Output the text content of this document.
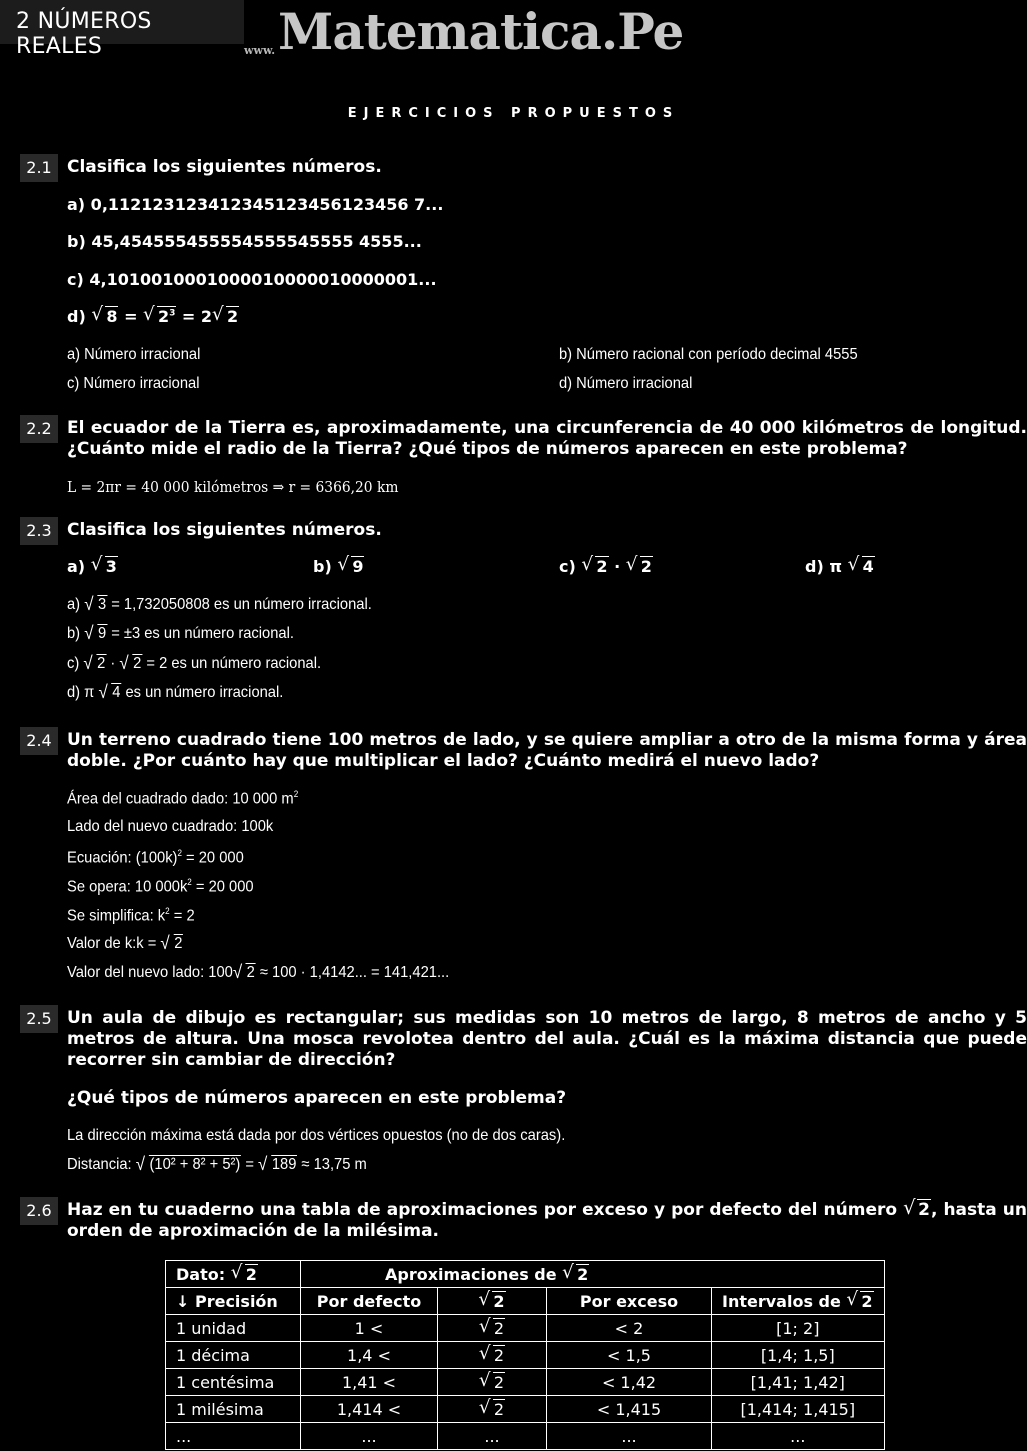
2 NÚMEROS REALES	www. Matematica.Pe
EJERCICIOS PROPUESTOS
2.1 Clasifica los siguientes números.
a) 0,112123123412345123456123456 7...
b) 45,454555455554555545555 4555...
c) 4,1010010001000010000010000001...
d) √ 8 = √ $2^3 = 2$ √ 2
a) Número irracional	b) Número racional con período decimal 4555
c) Número irracional	d) Número irracional
2.2 El ecuador de la Tierra es, aproximadamente, una circunferencia de 40 000 kilómetros de longitud. ¿Cuánto mide el radio de la Tierra? ¿Qué tipos de números aparecen en este problema?
L = 2πr = 40 000 kilómetros ⇒ r = 6366,20 km
2.3 Clasifica los siguientes números.
a) √ 3	b) √ 9	c) √ 2 · √ 2	d) π √ 4
a) √ 3 = 1,732050808 es un número irracional.
b) √ 9 = ±3 es un número racional.
c) √ 2 · √ 2 = 2 es un número racional.
d) π √ 4 es un número irracional.
2.4 Un terreno cuadrado tiene 100 metros de lado, y se quiere ampliar a otro de la misma forma y área doble. ¿Por cuánto hay que multiplicar el lado? ¿Cuánto medirá el nuevo lado?
Área del cuadrado dado: 10 000 $m^2$
Lado del nuevo cuadrado: 100k
Ecuación: $(100k)^2 = 20$ 000
Se opera: 10 $000k^2 = 20$ 000
Se simplifica: $k^2 = 2$
Valor de k:k = √ 2
Valor del nuevo lado: 100 √ 2 ≈ 100 · 1,4142... = 141,421...
2.5 Un aula de dibujo es rectangular; sus medidas son 10 metros de largo, 8 metros de ancho y 5 metros de altura. Una mosca revolotea dentro del aula. ¿Cuál es la máxima distancia que puede recorrer sin cambiar de dirección?
¿Qué tipos de números aparecen en este problema?
La dirección máxima está dada por dos vértices opuestos (no de dos caras).
Distancia: √ (10² + 8² + 5²) = √ 189 ≈ 13,75 m
2.6 Haz en tu cuaderno una tabla de aproximaciones por exceso y por defecto del número √ 2, hasta un orden de aproximación de la milésima.
Dato: √ 2	Aproximaciones de √ 2
↓ Precisión	Por defecto	√ 2	Por exceso	Intervalos de √ 2
1 unidad	1 <	√ 2	< 2	[1; 2]
1 décima	1,4 <	√ 2	< 1,5	[1,4; 1,5]
1 centésima	1,41 <	√ 2	< 1,42	[1,41; 1,42]
1 milésima	1,414 <	√ 2	< 1,415	[1,414; 1,415]
...	...	...	...	...
